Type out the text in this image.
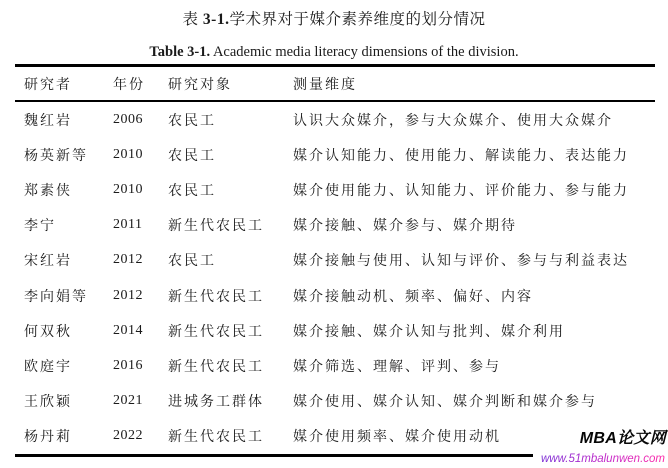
表 3-1.学术界对于媒介素养维度的划分情况
Table 3-1. Academic media literacy dimensions of the division.
研究者	年份	研究对象	测量维度
魏红岩	2006	农民工	认识大众媒介，参与大众媒介、使用大众媒介
杨英新等	2010	农民工	媒介认知能力、使用能力、解读能力、表达能力
郑素侠	2010	农民工	媒介使用能力、认知能力、评价能力、参与能力
李宁	2011	新生代农民工	媒介接触、媒介参与、媒介期待
宋红岩	2012	农民工	媒介接触与使用、认知与评价、参与与利益表达
李向娟等	2012	新生代农民工	媒介接触动机、频率、偏好、内容
何双秋	2014	新生代农民工	媒介接触、媒介认知与批判、媒介利用
欧庭宇	2016	新生代农民工	媒介筛选、理解、评判、参与
王欣颖	2021	进城务工群体	媒介使用、媒介认知、媒介判断和媒介参与
杨丹莉	2022	新生代农民工	媒介使用频率、媒介使用动机	MBA论文网
www.51mbalunwen.com
